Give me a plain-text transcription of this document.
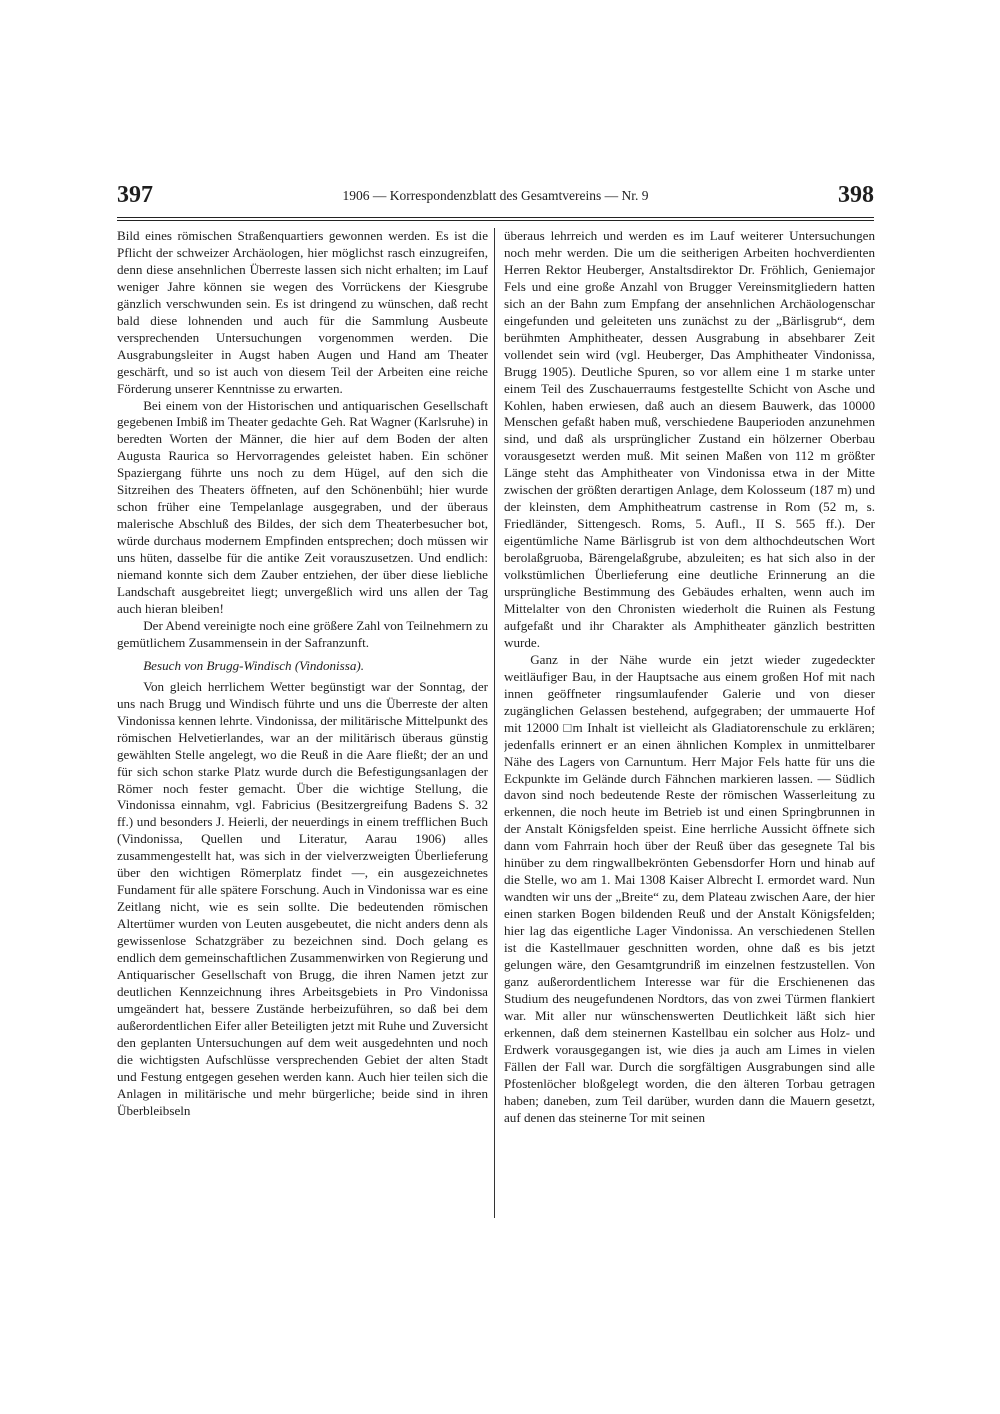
397	1906 — Korrespondenzblatt des Gesamtvereins — Nr. 9	398

Bild eines römischen Straßenquartiers gewonnen werden. Es ist die Pflicht der schweizer Archäologen, hier möglichst rasch einzugreifen, denn diese ansehnlichen Überreste lassen sich nicht erhalten; im Lauf weniger Jahre können sie wegen des Vorrückens der Kiesgrube gänzlich verschwunden sein. Es ist dringend zu wünschen, daß recht bald diese lohnenden und auch für die Sammlung Ausbeute versprechenden Untersuchungen vorgenommen werden. Die Ausgrabungsleiter in Augst haben Augen und Hand am Theater geschärft, und so ist auch von diesem Teil der Arbeiten eine reiche Förderung unserer Kenntnisse zu erwarten.

Bei einem von der Historischen und antiquarischen Gesellschaft gegebenen Imbiß im Theater gedachte Geh. Rat Wagner (Karlsruhe) in beredten Worten der Männer, die hier auf dem Boden der alten Augusta Raurica so Hervorragendes geleistet haben. Ein schöner Spaziergang führte uns noch zu dem Hügel, auf den sich die Sitzreihen des Theaters öffneten, auf den Schönenbühl; hier wurde schon früher eine Tempelanlage ausgegraben, und der überaus malerische Abschluß des Bildes, der sich dem Theaterbesucher bot, würde durchaus modernem Empfinden entsprechen; doch müssen wir uns hüten, dasselbe für die antike Zeit vorauszusetzen. Und endlich: niemand konnte sich dem Zauber entziehen, der über diese liebliche Landschaft ausgebreitet liegt; unvergeßlich wird uns allen der Tag auch hieran bleiben!

Der Abend vereinigte noch eine größere Zahl von Teilnehmern zu gemütlichem Zusammensein in der Safranzunft.

Besuch von Brugg-Windisch (Vindonissa).

Von gleich herrlichem Wetter begünstigt war der Sonntag, der uns nach Brugg und Windisch führte und uns die Überreste der alten Vindonissa kennen lehrte. Vindonissa, der militärische Mittelpunkt des römischen Helvetierlandes, war an der militärisch überaus günstig gewählten Stelle angelegt, wo die Reuß in die Aare fließt; der an und für sich schon starke Platz wurde durch die Befestigungsanlagen der Römer noch fester gemacht. Über die wichtige Stellung, die Vindonissa einnahm, vgl. Fabricius (Besitzergreifung Badens S. 32 ff.) und besonders J. Heierli, der neuerdings in einem trefflichen Buch (Vindonissa, Quellen und Literatur, Aarau 1906) alles zusammengestellt hat, was sich in der vielverzweigten Überlieferung über den wichtigen Römerplatz findet —, ein ausgezeichnetes Fundament für alle spätere Forschung. Auch in Vindonissa war es eine Zeitlang nicht, wie es sein sollte. Die bedeutenden römischen Altertümer wurden von Leuten ausgebeutet, die nicht anders denn als gewissenlose Schatzgräber zu bezeichnen sind. Doch gelang es endlich dem gemeinschaftlichen Zusammenwirken von Regierung und Antiquarischer Gesellschaft von Brugg, die ihren Namen jetzt zur deutlichen Kennzeichnung ihres Arbeitsgebiets in Pro Vindonissa umgeändert hat, bessere Zustände herbeizuführen, so daß bei dem außerordentlichen Eifer aller Beteiligten jetzt mit Ruhe und Zuversicht den geplanten Untersuchungen auf dem weit ausgedehnten und noch die wichtigsten Aufschlüsse versprechenden Gebiet der alten Stadt und Festung entgegen gesehen werden kann. Auch hier teilen sich die Anlagen in militärische und mehr bürgerliche; beide sind in ihren Überbleibseln

überaus lehrreich und werden es im Lauf weiterer Untersuchungen noch mehr werden. Die um die seitherigen Arbeiten hochverdienten Herren Rektor Heuberger, Anstaltsdirektor Dr. Fröhlich, Geniemajor Fels und eine große Anzahl von Brugger Vereinsmitgliedern hatten sich an der Bahn zum Empfang der ansehnlichen Archäologenschar eingefunden und geleiteten uns zunächst zu der „Bärlisgrub“, dem berühmten Amphitheater, dessen Ausgrabung in absehbarer Zeit vollendet sein wird (vgl. Heuberger, Das Amphitheater Vindonissa, Brugg 1905). Deutliche Spuren, so vor allem eine 1 m starke unter einem Teil des Zuschauerraums festgestellte Schicht von Asche und Kohlen, haben erwiesen, daß auch an diesem Bauwerk, das 10000 Menschen gefaßt haben muß, verschiedene Bauperioden anzunehmen sind, und daß als ursprünglicher Zustand ein hölzerner Oberbau vorausgesetzt werden muß. Mit seinen Maßen von 112 m größter Länge steht das Amphitheater von Vindonissa etwa in der Mitte zwischen der größten derartigen Anlage, dem Kolosseum (187 m) und der kleinsten, dem Amphitheatrum castrense in Rom (52 m, s. Friedländer, Sittengesch. Roms, 5. Aufl., II S. 565 ff.). Der eigentümliche Name Bärlisgrub ist von dem althochdeutschen Wort berolaßgruoba, Bärengelaßgrube, abzuleiten; es hat sich also in der volkstümlichen Überlieferung eine deutliche Erinnerung an die ursprüngliche Bestimmung des Gebäudes erhalten, wenn auch im Mittelalter von den Chronisten wiederholt die Ruinen als Festung aufgefaßt und ihr Charakter als Amphitheater gänzlich bestritten wurde.

Ganz in der Nähe wurde ein jetzt wieder zugedeckter weitläufiger Bau, in der Hauptsache aus einem großen Hof mit nach innen geöffneter ringsumlaufender Galerie und von dieser zugänglichen Gelassen bestehend, aufgegraben; der ummauerte Hof mit 12000 □m Inhalt ist vielleicht als Gladiatorenschule zu erklären; jedenfalls erinnert er an einen ähnlichen Komplex in unmittelbarer Nähe des Lagers von Carnuntum. Herr Major Fels hatte für uns die Eckpunkte im Gelände durch Fähnchen markieren lassen. — Südlich davon sind noch bedeutende Reste der römischen Wasserleitung zu erkennen, die noch heute im Betrieb ist und einen Springbrunnen in der Anstalt Königsfelden speist. Eine herrliche Aussicht öffnete sich dann vom Fahrrain hoch über der Reuß über das gesegnete Tal bis hinüber zu dem ringwallbekrönten Gebensdorfer Horn und hinab auf die Stelle, wo am 1. Mai 1308 Kaiser Albrecht I. ermordet ward. Nun wandten wir uns der „Breite“ zu, dem Plateau zwischen Aare, der hier einen starken Bogen bildenden Reuß und der Anstalt Königsfelden; hier lag das eigentliche Lager Vindonissa. An verschiedenen Stellen ist die Kastellmauer geschnitten worden, ohne daß es bis jetzt gelungen wäre, den Gesamtgrundriß im einzelnen festzustellen. Von ganz außerordentlichem Interesse war für die Erschienenen das Studium des neugefundenen Nordtors, das von zwei Türmen flankiert war. Mit aller nur wünschenswerten Deutlichkeit läßt sich hier erkennen, daß dem steinernen Kastellbau ein solcher aus Holz- und Erdwerk vorausgegangen ist, wie dies ja auch am Limes in vielen Fällen der Fall war. Durch die sorgfältigen Ausgrabungen sind alle Pfostenlöcher bloßgelegt worden, die den älteren Torbau getragen haben; daneben, zum Teil darüber, wurden dann die Mauern gesetzt, auf denen das steinerne Tor mit seinen
